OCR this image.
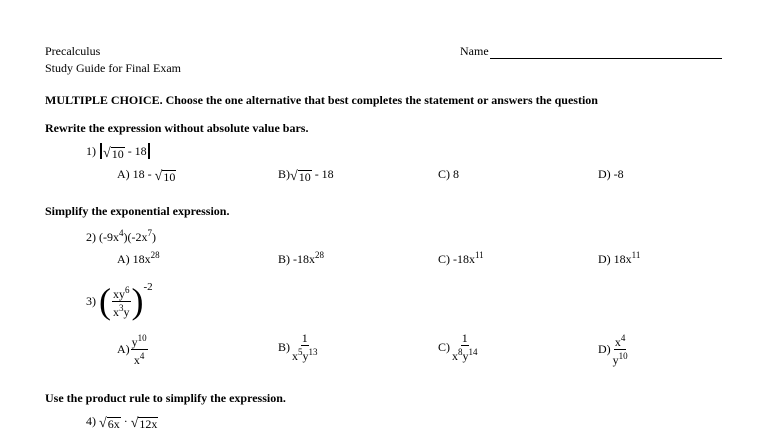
Precalculus
Study Guide for Final Exam
Name
MULTIPLE CHOICE. Choose the one alternative that best completes the statement or answers the question
Rewrite the expression without absolute value bars.
1) √ 10 - 18
A) 18 - √ 10	B) √ 10 - 18	C) 8	D) -8
Simplify the exponential expression.
2) $(-9x^4)(-2x^7)$
A) $18x^{28}$	B) $-18x^{28}$	C) $-18x^{11}$	D) $18x^{11}$
3) ( $\frac{xy^6}{x^3y}$ ) -2
$A) \frac{y^{10}}{x^4}$	$B) \frac{1}{x^5y^{13}}$	$C) \frac{1}{x^8y^{14}}$	$D) \frac{x^4}{y^{10}}$
Use the product rule to simplify the expression.
4) √ 6x · √ 12x
